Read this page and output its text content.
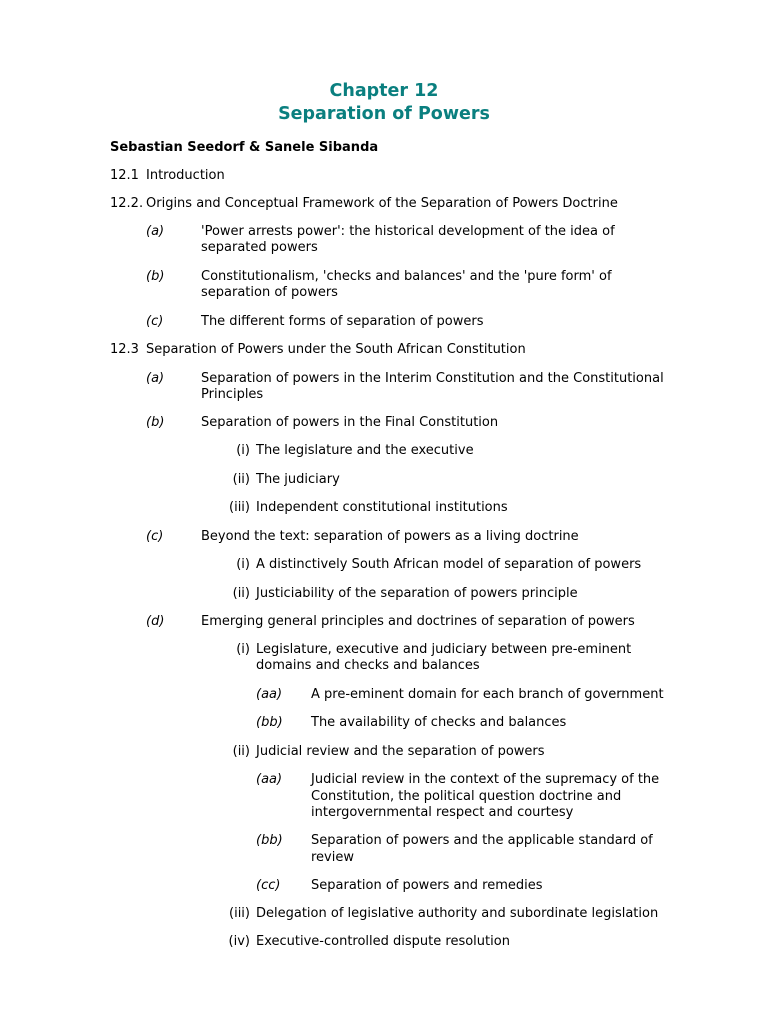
Chapter 12
Separation of Powers
Sebastian Seedorf & Sanele Sibanda
12.1 Introduction
12.2. Origins and Conceptual Framework of the Separation of Powers Doctrine
(a)	'Power arrests power': the historical development of the idea of
separated powers
(b)	Constitutionalism, 'checks and balances' and the 'pure form' of
separation of powers
(c)	The different forms of separation of powers
12.3 Separation of Powers under the South African Constitution
(a)	Separation of powers in the Interim Constitution and the Constitutional
Principles
(b)	Separation of powers in the Final Constitution
(i) The legislature and the executive
(ii) The judiciary
(iii) Independent constitutional institutions
(c)	Beyond the text: separation of powers as a living doctrine
(i) A distinctively South African model of separation of powers
(ii) Justiciability of the separation of powers principle
(d)	Emerging general principles and doctrines of separation of powers
(i) Legislature, executive and judiciary between pre-eminent
domains and checks and balances
(aa) A pre-eminent domain for each branch of government
(bb) The availability of checks and balances
(ii) Judicial review and the separation of powers
(aa) Judicial review in the context of the supremacy of the
Constitution, the political question doctrine and
intergovernmental respect and courtesy
(bb) Separation of powers and the applicable standard of
review
(cc) Separation of powers and remedies
(iii) Delegation of legislative authority and subordinate legislation
(iv) Executive-controlled dispute resolution
